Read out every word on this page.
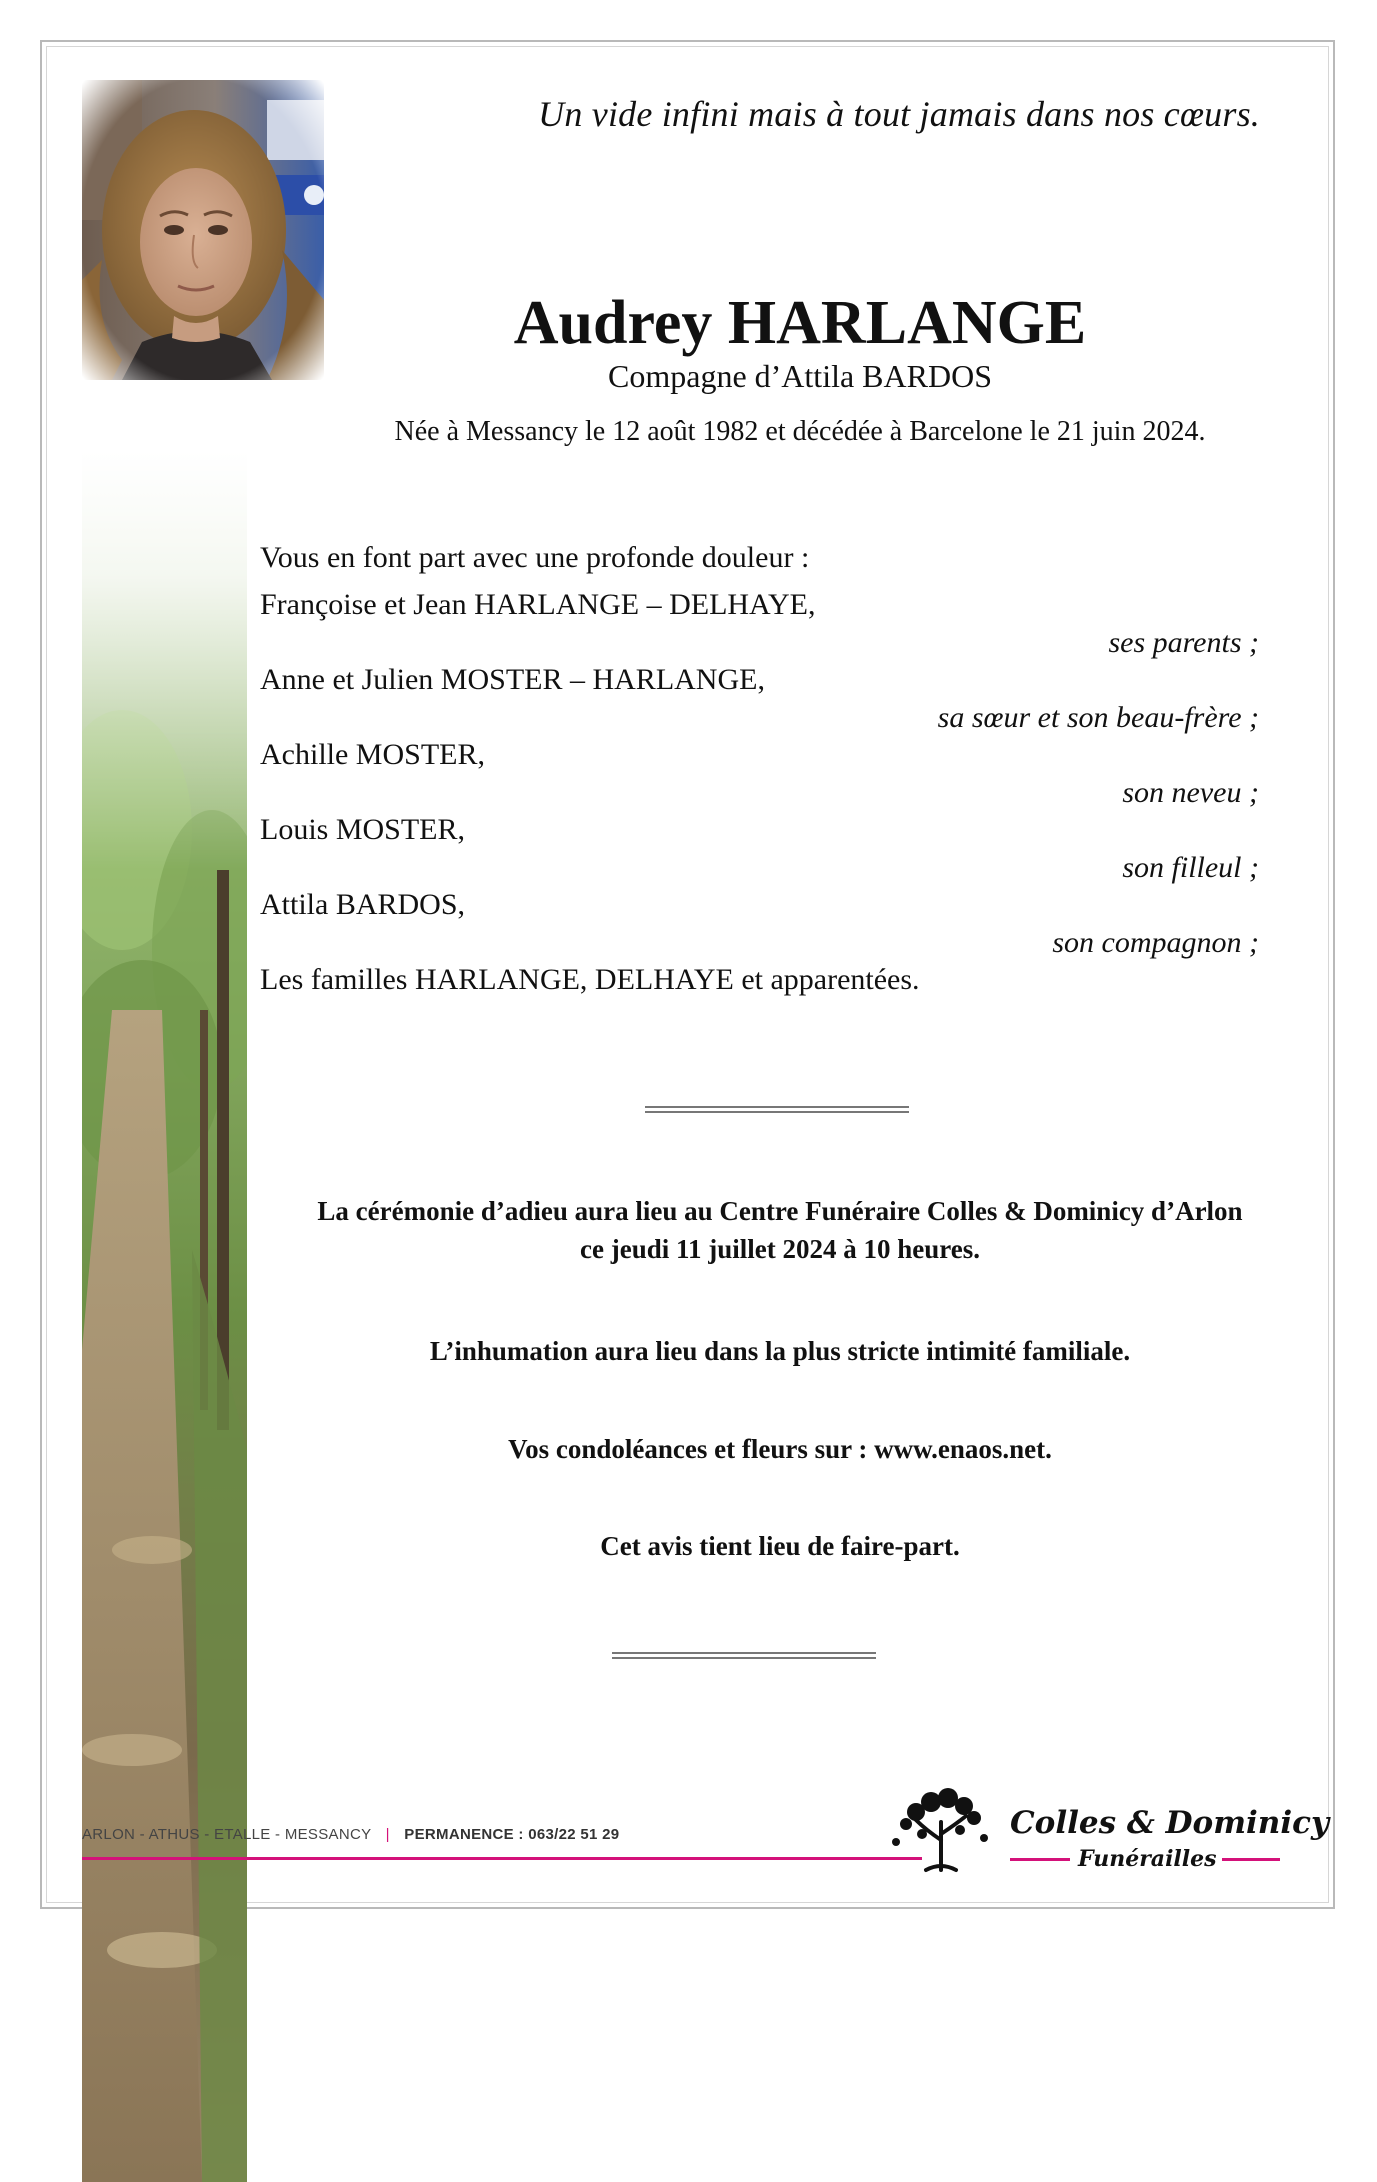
Un vide infini mais à tout jamais dans nos cœurs.
Audrey HARLANGE
Compagne d’Attila BARDOS
Née à Messancy le 12 août 1982 et décédée à Barcelone le 21 juin 2024.
Vous en font part avec une profonde douleur :
Françoise et Jean HARLANGE – DELHAYE,
ses parents ;
Anne et Julien MOSTER – HARLANGE,
sa sœur et son beau-frère ;
Achille MOSTER,
son neveu ;
Louis MOSTER,
son filleul ;
Attila BARDOS,
son compagnon ;
Les familles HARLANGE, DELHAYE et apparentées.
La cérémonie d’adieu aura lieu au Centre Funéraire Colles & Dominicy d’Arlon
ce jeudi 11 juillet 2024 à 10 heures.
L’inhumation aura lieu dans la plus stricte intimité familiale.
Vos condoléances et fleurs sur : www.enaos.net.
Cet avis tient lieu de faire-part.
ARLON - ATHUS - ETALLE - MESSANCY | PERMANENCE : 063/22 51 29	Colles & Dominicy
Funérailles
